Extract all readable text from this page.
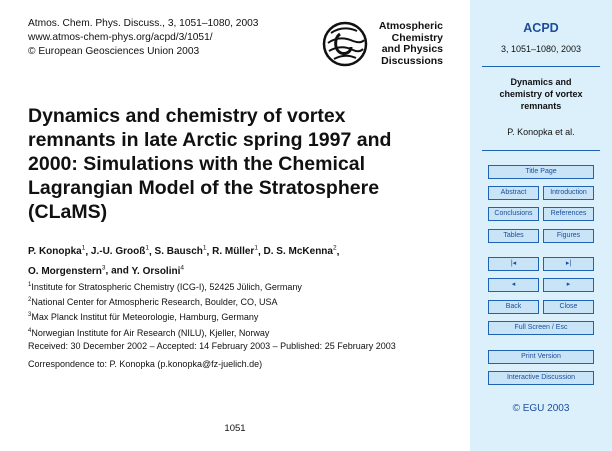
Atmos. Chem. Phys. Discuss., 3, 1051–1080, 2003
www.atmos-chem-phys.org/acpd/3/1051/
© European Geosciences Union 2003
Atmospheric
Chemistry
and Physics
Discussions
Dynamics and chemistry of vortex
remnants in late Arctic spring 1997 and
2000: Simulations with the Chemical
Lagrangian Model of the Stratosphere
(CLaMS)
P. Konopka$^1$, J.-U. Grooß$^1$, S. Bausch$^1$, R. Müller$^1$, D. S. McKenna$^2$,
O. Morgenstern$^3$, and Y. Orsolini$^4$
$^1$Institute for Stratospheric Chemistry (ICG-I), 52425 Jülich, Germany
$^2$National Center for Atmospheric Research, Boulder, CO, USA
$^3$Max Planck Institut für Meteorologie, Hamburg, Germany
$^4$Norwegian Institute for Air Research (NILU), Kjeller, Norway
Received: 30 December 2002 – Accepted: 14 February 2003 – Published: 25 February 2003
Correspondence to: P. Konopka (p.konopka@fz-juelich.de)
1051
ACPD
3, 1051–1080, 2003
Dynamics and
chemistry of vortex
remnants
P. Konopka et al.
Title Page
Abstract	Introduction
Conclusions	References
Tables	Figures
|◂	▸|
◂	▸
Back	Close
Full Screen / Esc
Print Version
Interactive Discussion
© EGU 2003
